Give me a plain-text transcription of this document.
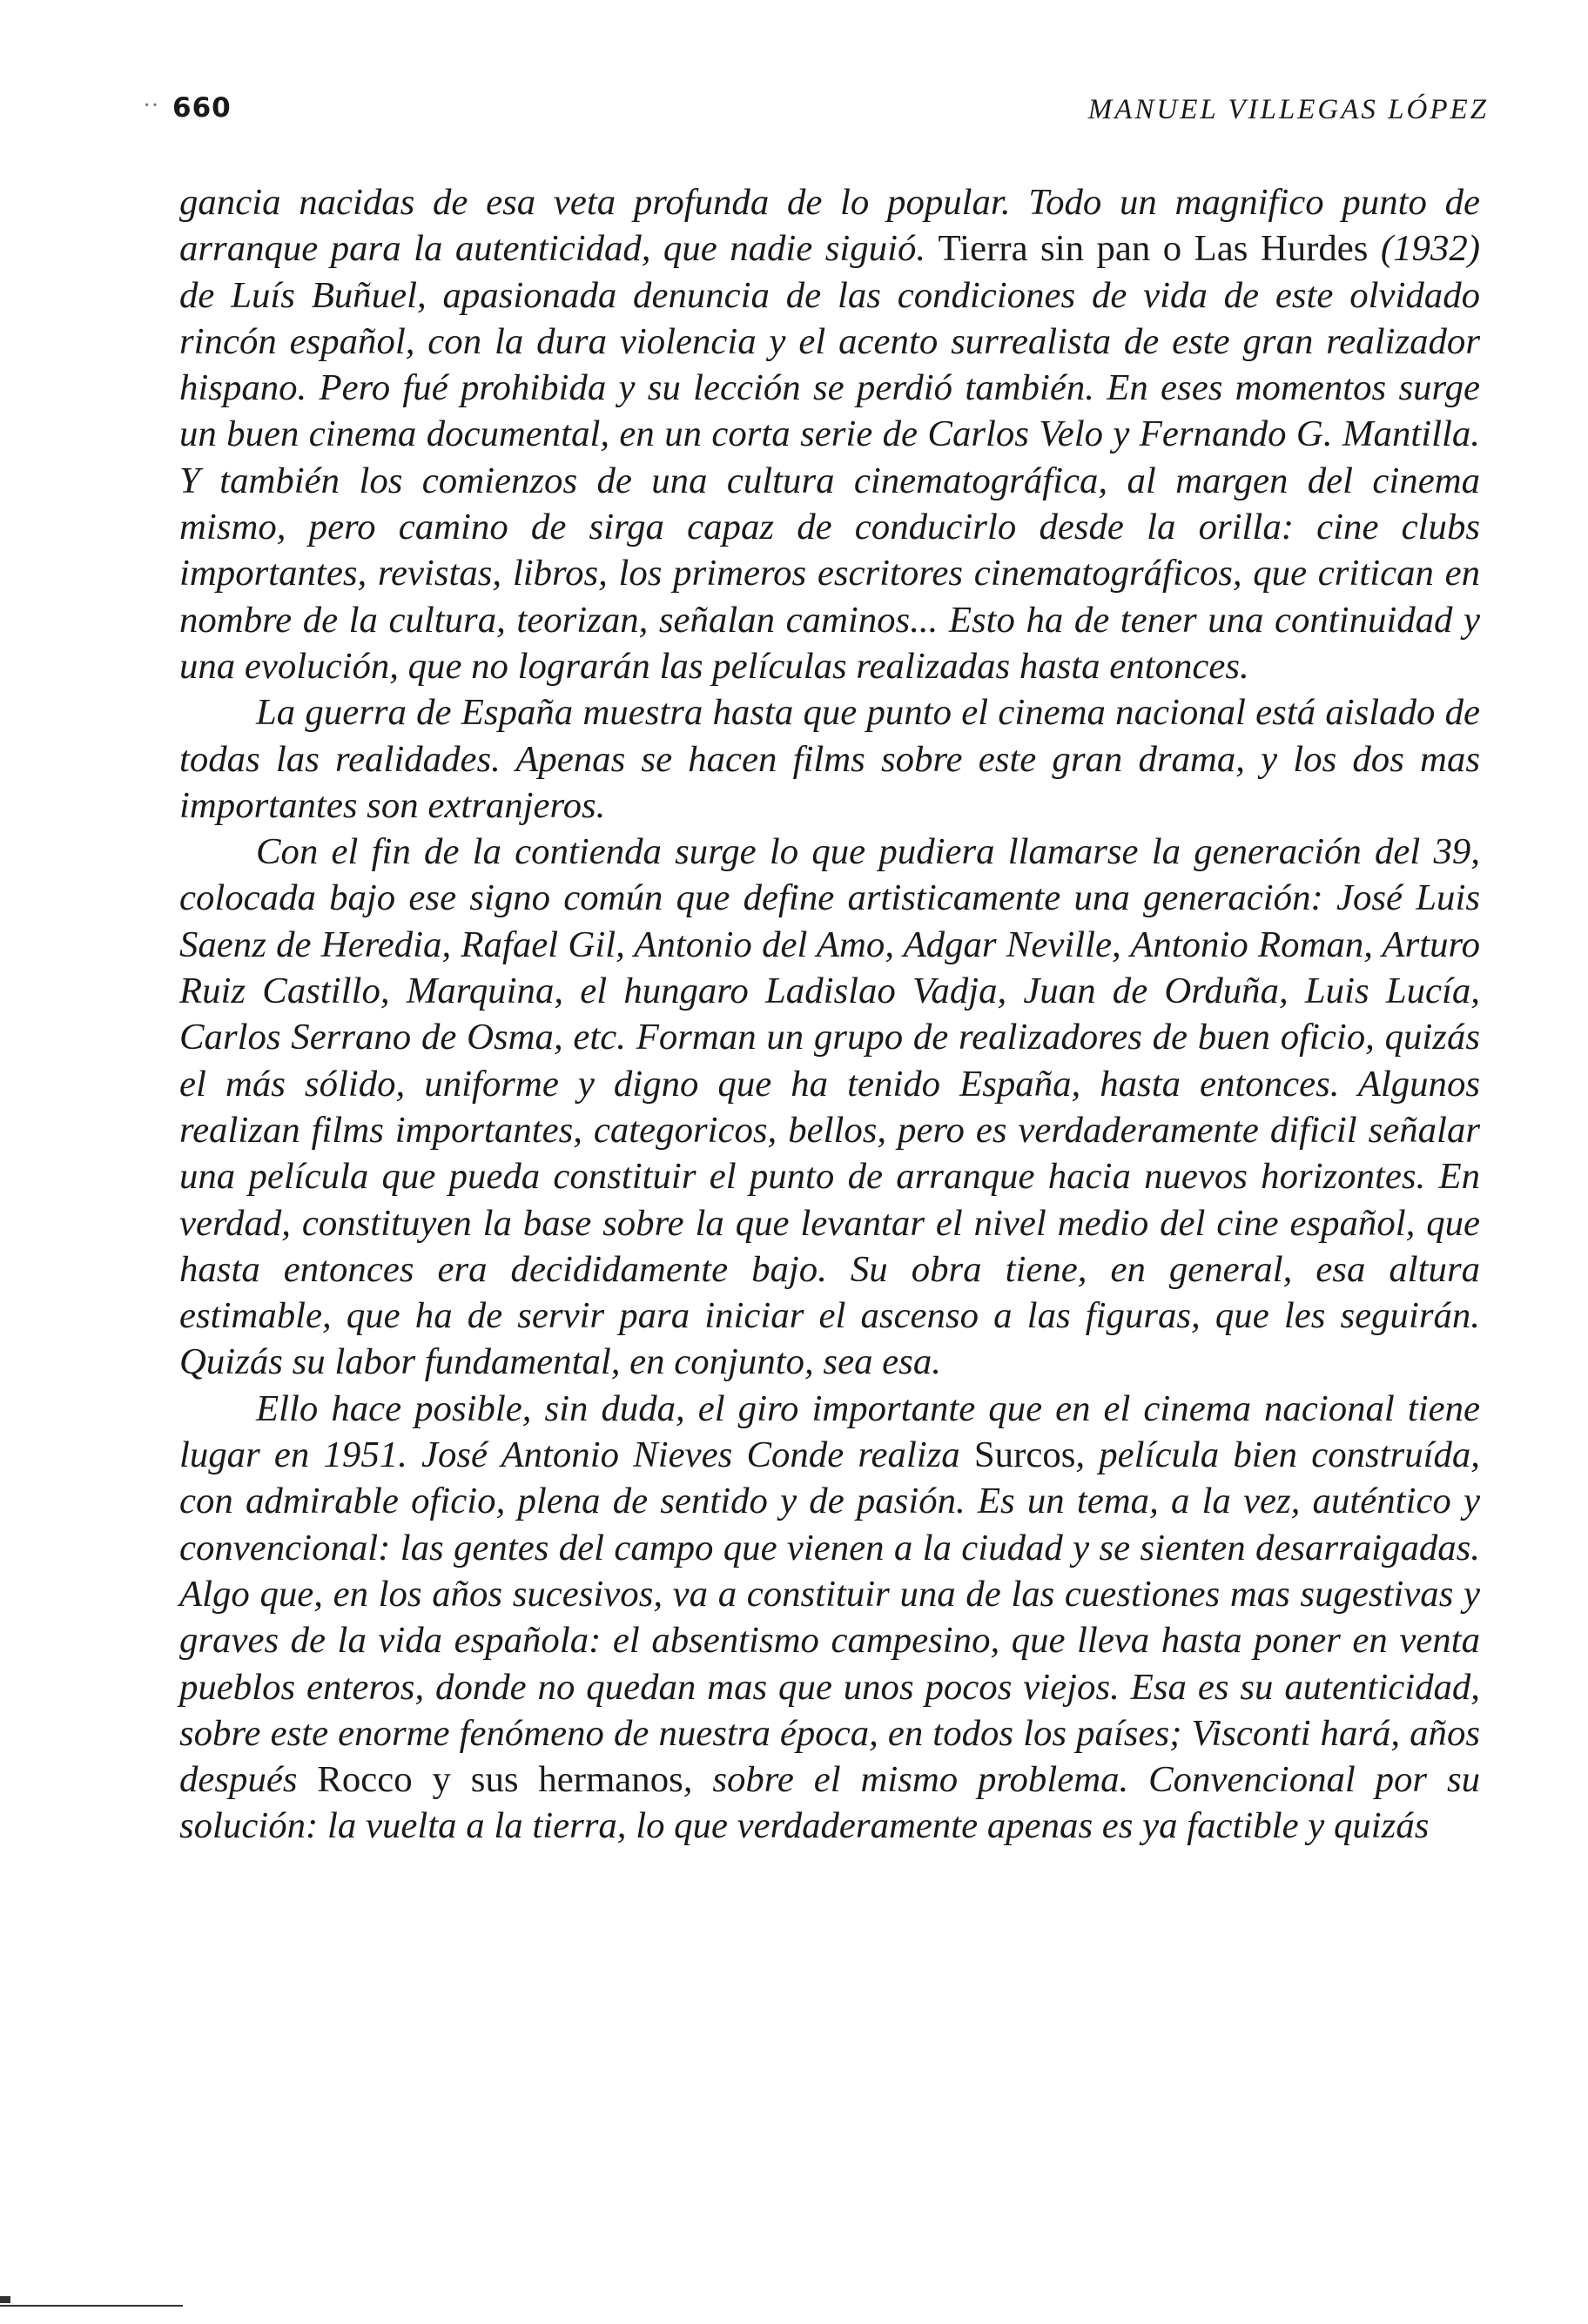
·· 660	MANUEL VILLEGAS LÓPEZ

gancia nacidas de esa veta profunda de lo popular. Todo un magnifico punto de arranque para la autenticidad, que nadie siguió. Tierra sin pan o Las Hurdes (1932) de Luís Buñuel, apasionada denuncia de las condiciones de vida de este olvidado rincón español, con la dura violencia y el acento surrealista de este gran realizador hispano. Pero fué prohibida y su lección se perdió también. En eses momentos surge un buen cinema documental, en un corta serie de Carlos Velo y Fernando G. Mantilla. Y también los comienzos de una cultura cinematográfica, al margen del cinema mismo, pero camino de sirga capaz de conducirlo desde la orilla: cine clubs importantes, revistas, libros, los primeros escritores cinematográficos, que critican en nombre de la cultura, teorizan, señalan caminos... Esto ha de tener una continuidad y una evolución, que no lograrán las películas realizadas hasta entonces.

La guerra de España muestra hasta que punto el cinema nacional está aislado de todas las realidades. Apenas se hacen films sobre este gran drama, y los dos mas importantes son extranjeros.

Con el fin de la contienda surge lo que pudiera llamarse la generación del 39, colocada bajo ese signo común que define artisticamente una generación: José Luis Saenz de Heredia, Rafael Gil, Antonio del Amo, Adgar Neville, Antonio Roman, Arturo Ruiz Castillo, Marquina, el hungaro Ladislao Vadja, Juan de Orduña, Luis Lucía, Carlos Serrano de Osma, etc. Forman un grupo de realizadores de buen oficio, quizás el más sólido, uniforme y digno que ha tenido España, hasta entonces. Algunos realizan films importantes, categoricos, bellos, pero es verdaderamente dificil señalar una película que pueda constituir el punto de arranque hacia nuevos horizontes. En verdad, constituyen la base sobre la que levantar el nivel medio del cine español, que hasta entonces era decididamente bajo. Su obra tiene, en general, esa altura estimable, que ha de servir para iniciar el ascenso a las figuras, que les seguirán. Quizás su labor fundamental, en conjunto, sea esa.

Ello hace posible, sin duda, el giro importante que en el cinema nacional tiene lugar en 1951. José Antonio Nieves Conde realiza Surcos, película bien construída, con admirable oficio, plena de sentido y de pasión. Es un tema, a la vez, auténtico y convencional: las gentes del campo que vienen a la ciudad y se sienten desarraigadas. Algo que, en los años sucesivos, va a constituir una de las cuestiones mas sugestivas y graves de la vida española: el absentismo campesino, que lleva hasta poner en venta pueblos enteros, donde no quedan mas que unos pocos viejos. Esa es su autenticidad, sobre este enorme fenómeno de nuestra época, en todos los países; Visconti hará, años después Rocco y sus hermanos, sobre el mismo problema. Convencional por su solución: la vuelta a la tierra, lo que verdaderamente apenas es ya factible y quizás
